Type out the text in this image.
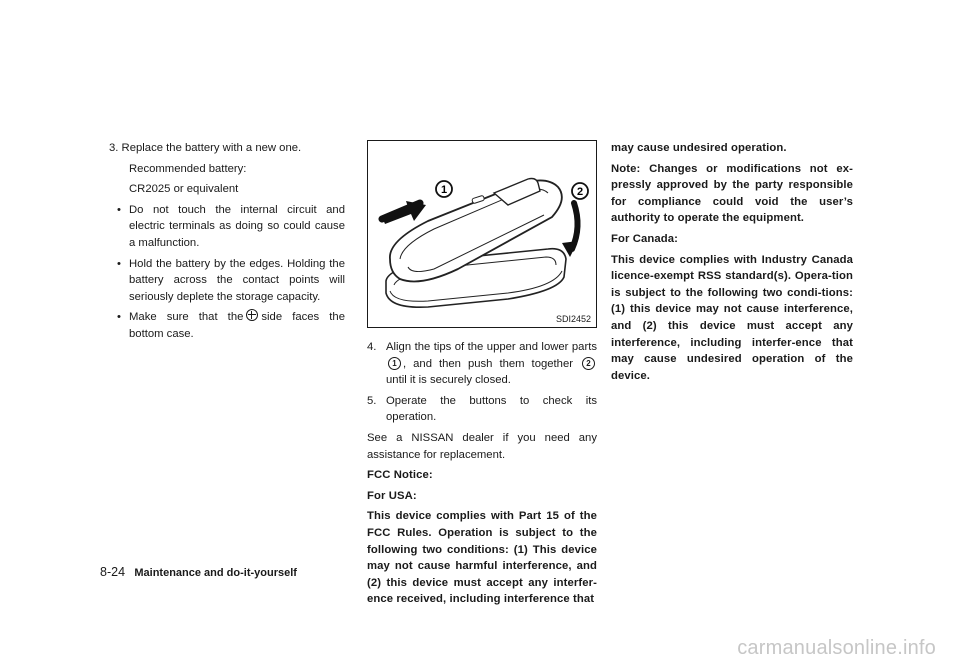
3. Replace the battery with a new one.

Recommended battery:

CR2025 or equivalent

• Do not touch the internal circuit and electric terminals as doing so could cause a malfunction.
• Hold the battery by the edges. Holding the battery across the contact points will seriously deplete the storage capacity.
• Make sure that the side faces the bottom case.
1	2
SDI2452
4. Align the tips of the upper and lower parts 1 , and then push them together 2 until it is securely closed.
5. Operate the buttons to check its operation.

See a NISSAN dealer if you need any assistance for replacement.

FCC Notice:

For USA:

This device complies with Part 15 of the FCC Rules. Operation is subject to the following two conditions: (1) This device may not cause harmful interference, and (2) this device must accept any interfer-ence received, including interference that

may cause undesired operation.

Note: Changes or modifications not ex-pressly approved by the party responsible for compliance could void the user’s authority to operate the equipment.

For Canada:

This device complies with Industry Canada licence-exempt RSS standard(s). Opera-tion is subject to the following two condi-tions: (1) this device may not cause interference, and (2) this device must accept any interference, including interfer-ence that may cause undesired operation of the device.

8-24 Maintenance and do-it-yourself
carmanualsonline.info
